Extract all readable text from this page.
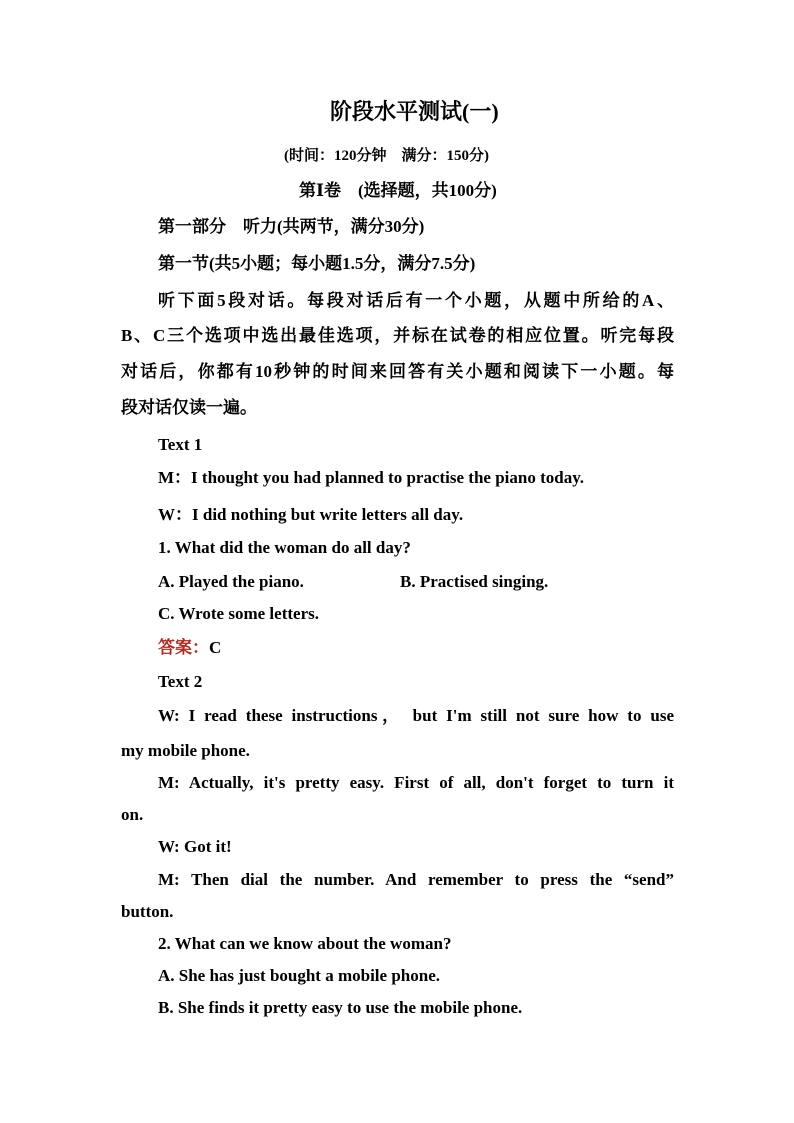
阶段水平测试(一)
(时间：120分钟　满分：150分)
第Ⅰ卷　(选择题，共100分)
第一部分　听力(共两节，满分30分)
第一节(共5小题；每小题1.5分，满分7.5分)
听下面5段对话。每段对话后有一个小题，从题中所给的A、
B、C三个选项中选出最佳选项，并标在试卷的相应位置。听完每段
对话后，你都有10秒钟的时间来回答有关小题和阅读下一小题。每
段对话仅读一遍。
Text 1
M：I thought you had planned to practise the piano today.
W：I did nothing but write letters all day.
1. What did the woman do all day?
A. Played the piano.	B. Practised singing.
C. Wrote some letters.
答案：C
Text 2
W: I read these instructions， but I'm still not sure how to use
my mobile phone.
M: Actually, it's pretty easy. First of all, don't forget to turn it
on.
W: Got it!
M: Then dial the number. And remember to press the “send”
button.
2. What can we know about the woman?
A. She has just bought a mobile phone.
B. She finds it pretty easy to use the mobile phone.
